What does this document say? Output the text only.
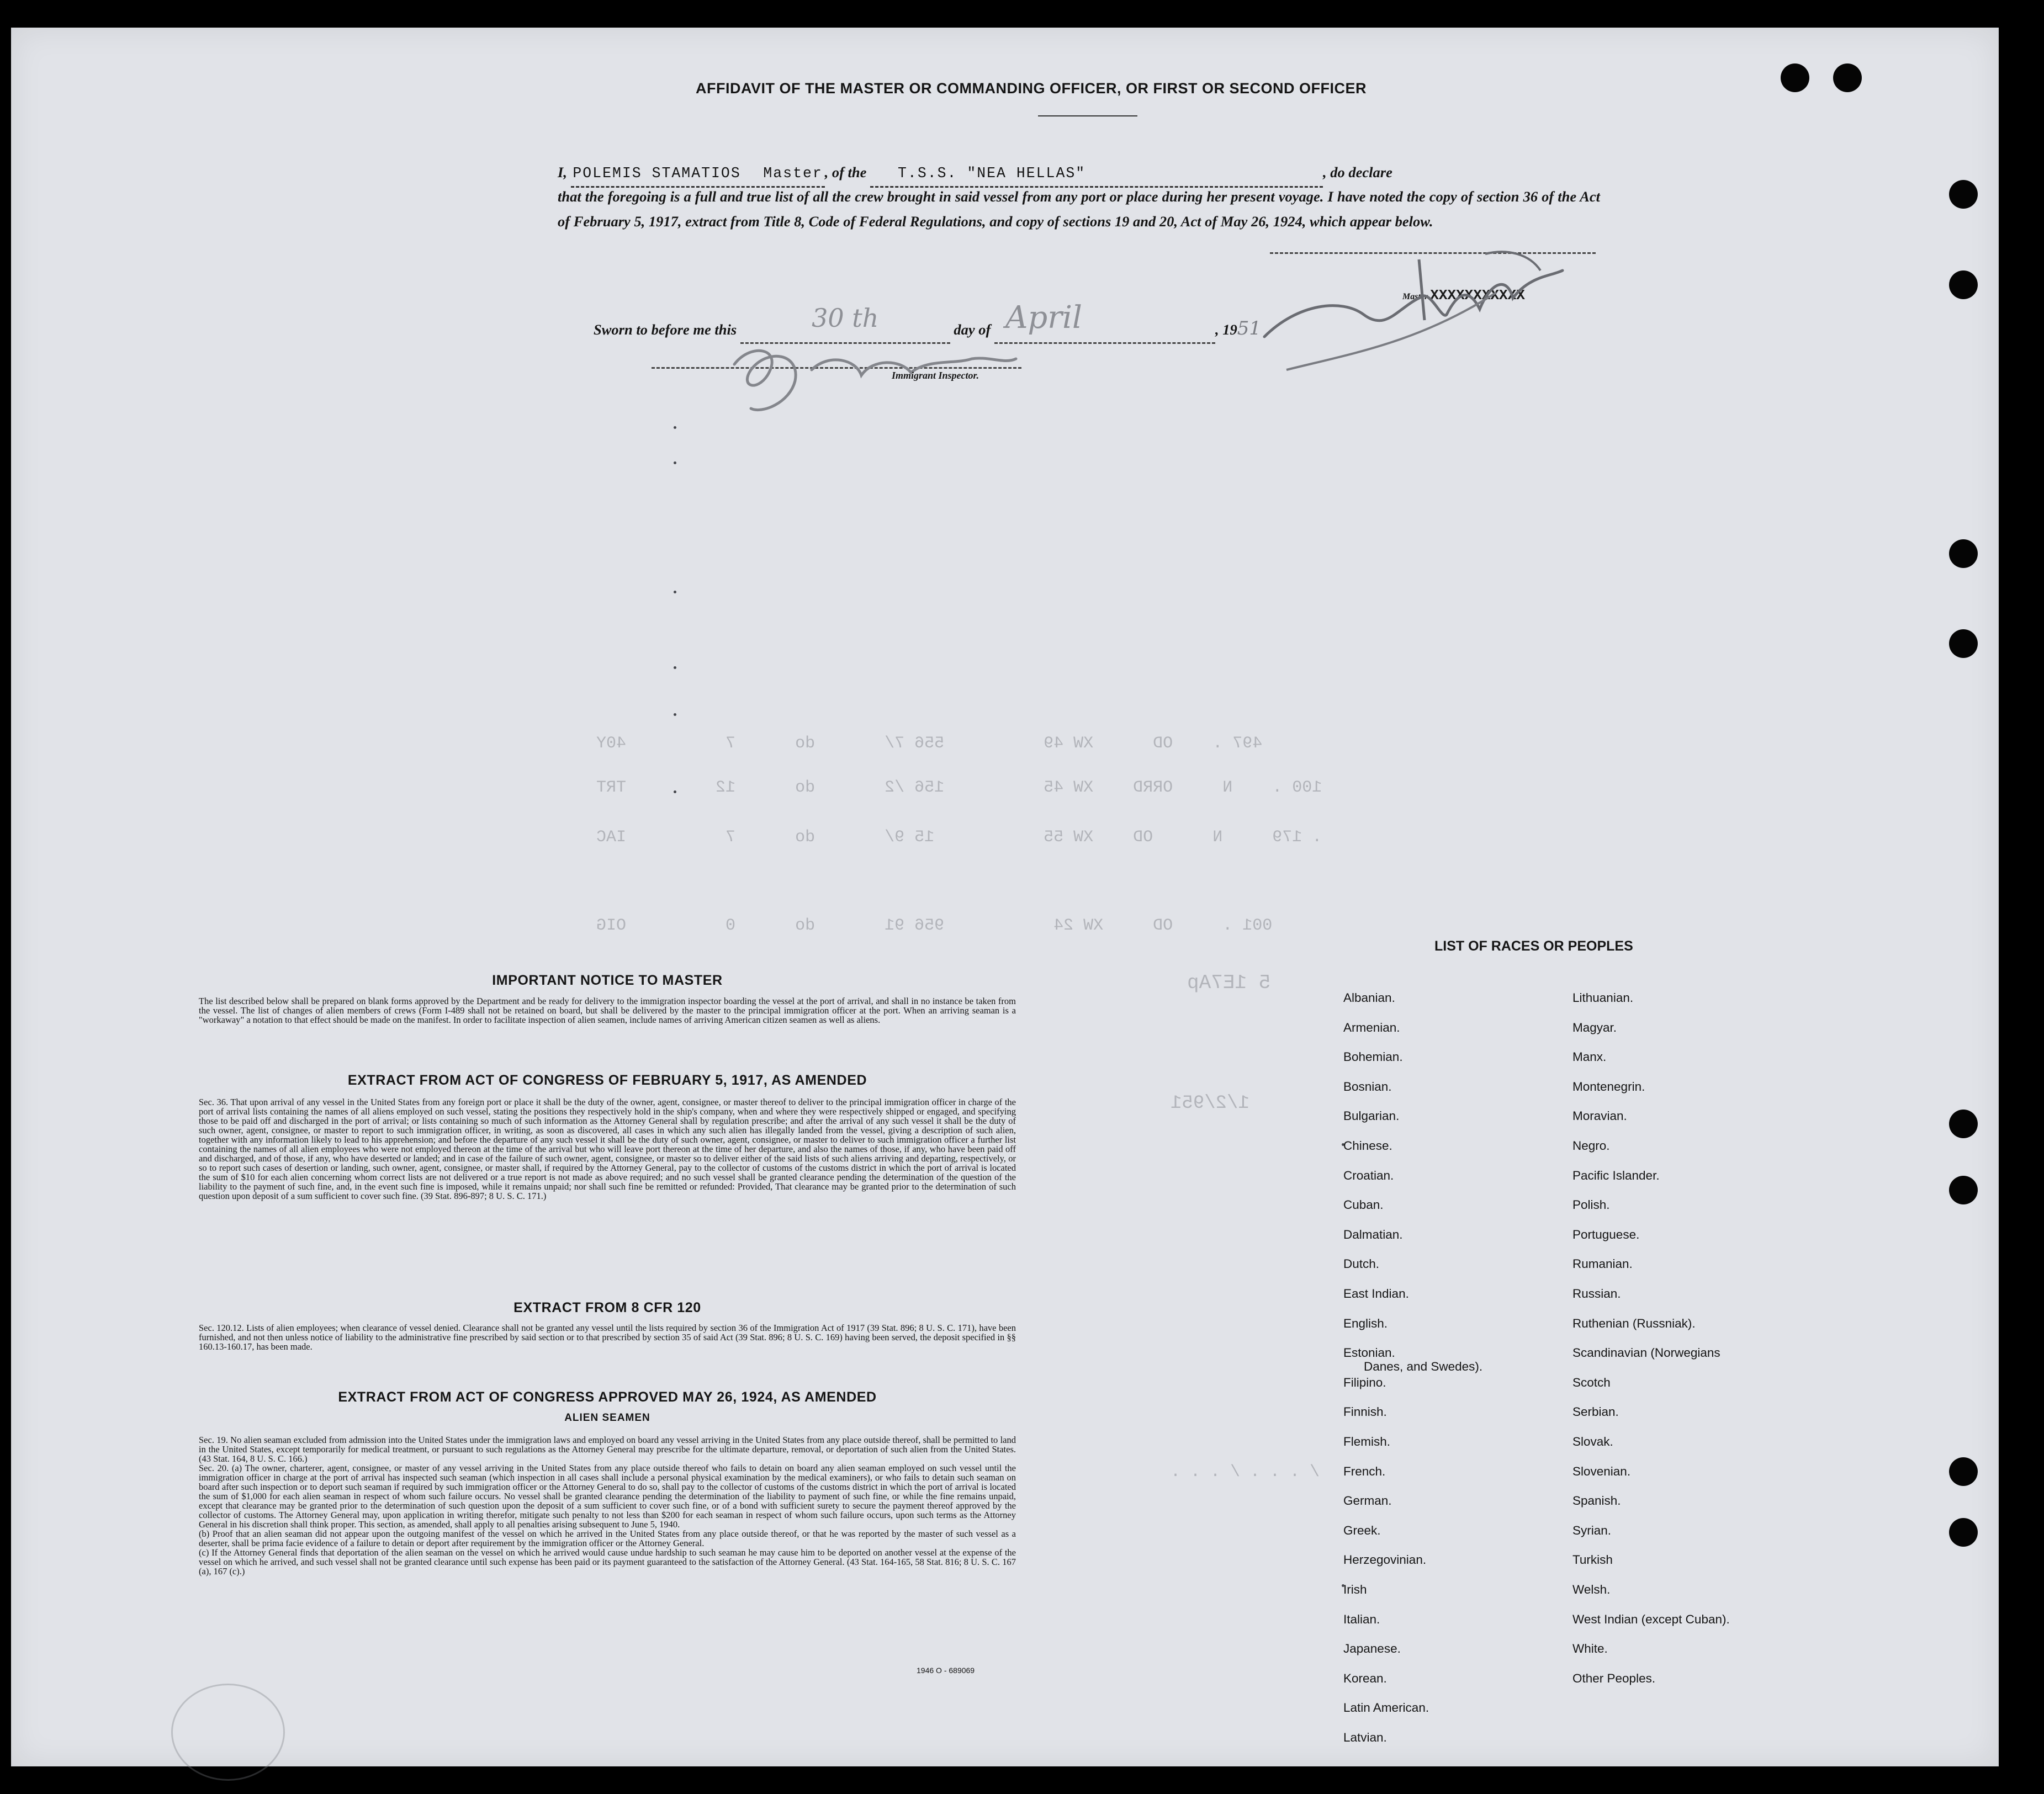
AFFIDAVIT OF THE MASTER OR COMMANDING OFFICER, OR FIRST OR SECOND OFFICER
I, POLEMIS STAMATIOS Master , of the T.S.S. "NEA HELLAS"	, do declare
that the foregoing is a full and true list of all the crew brought in said vessel from any port or place during her present voyage. I have noted the copy of section 36 of the Act of February 5, 1917, extract from Title 8, Code of Federal Regulations, and copy of sections 19 and 20, Act of May 26, 1924, which appear below.
Sworn to before me this	30 th	day of April	, 1951
Master XXXXXXXXXXX
Immigrant Inspector.
497 .    OD      XW 49          556 7/       do      7          40Y
100 .    N     ORRD    XW 45          156 /2       do      12         TRT
. 179     N      OD    XW 55           15 9/       do      7          IAC
001 .     OD     XW 24           956 91       do      0          OIG
5 1E7Ap
1/2/951
/ . . . / . . .
IMPORTANT NOTICE TO MASTER

The list described below shall be prepared on blank forms approved by the Department and be ready for delivery to the immigration inspector boarding the vessel at the port of arrival, and shall in no instance be taken from the vessel. The list of changes of alien members of crews (Form I-489 shall not be retained on board, but shall be delivered by the master to the principal immigration officer at the port. When an arriving seaman is a "workaway" a notation to that effect should be made on the manifest. In order to facilitate inspection of alien seamen, include names of arriving American citizen seamen as well as aliens.

EXTRACT FROM ACT OF CONGRESS OF FEBRUARY 5, 1917, AS AMENDED

Sec. 36. That upon arrival of any vessel in the United States from any foreign port or place it shall be the duty of the owner, agent, consignee, or master thereof to deliver to the principal immigration officer in charge of the port of arrival lists containing the names of all aliens employed on such vessel, stating the positions they respectively hold in the ship's company, when and where they were respectively shipped or engaged, and specifying those to be paid off and discharged in the port of arrival; or lists containing so much of such information as the Attorney General shall by regulation prescribe; and after the arrival of any such vessel it shall be the duty of such owner, agent, consignee, or master to report to such immigration officer, in writing, as soon as discovered, all cases in which any such alien has illegally landed from the vessel, giving a description of such alien, together with any information likely to lead to his apprehension; and before the departure of any such vessel it shall be the duty of such owner, agent, consignee, or master to deliver to such immigration officer a further list containing the names of all alien employees who were not employed thereon at the time of the arrival but who will leave port thereon at the time of her departure, and also the names of those, if any, who have been paid off and discharged, and of those, if any, who have deserted or landed; and in case of the failure of such owner, agent, consignee, or master so to deliver either of the said lists of such aliens arriving and departing, respectively, or so to report such cases of desertion or landing, such owner, agent, consignee, or master shall, if required by the Attorney General, pay to the collector of customs of the customs district in which the port of arrival is located the sum of $10 for each alien concerning whom correct lists are not delivered or a true report is not made as above required; and no such vessel shall be granted clearance pending the determination of the question of the liability to the payment of such fine, and, in the event such fine is imposed, while it remains unpaid; nor shall such fine be remitted or refunded: Provided, That clearance may be granted prior to the determination of such question upon deposit of a sum sufficient to cover such fine. (39 Stat. 896-897; 8 U. S. C. 171.)

EXTRACT FROM 8 CFR 120

Sec. 120.12. Lists of alien employees; when clearance of vessel denied. Clearance shall not be granted any vessel until the lists required by section 36 of the Immigration Act of 1917 (39 Stat. 896; 8 U. S. C. 171), have been furnished, and not then unless notice of liability to the administrative fine prescribed by said section or to that prescribed by section 35 of said Act (39 Stat. 896; 8 U. S. C. 169) having been served, the deposit specified in §§ 160.13-160.17, has been made.

EXTRACT FROM ACT OF CONGRESS APPROVED MAY 26, 1924, AS AMENDED
ALIEN SEAMEN

Sec. 19. No alien seaman excluded from admission into the United States under the immigration laws and employed on board any vessel arriving in the United States from any place outside thereof, shall be permitted to land in the United States, except temporarily for medical treatment, or pursuant to such regulations as the Attorney General may prescribe for the ultimate departure, removal, or deportation of such alien from the United States. (43 Stat. 164, 8 U. S. C. 166.)

Sec. 20. (a) The owner, charterer, agent, consignee, or master of any vessel arriving in the United States from any place outside thereof who fails to detain on board any alien seaman employed on such vessel until the immigration officer in charge at the port of arrival has inspected such seaman (which inspection in all cases shall include a personal physical examination by the medical examiners), or who fails to detain such seaman on board after such inspection or to deport such seaman if required by such immigration officer or the Attorney General to do so, shall pay to the collector of customs of the customs district in which the port of arrival is located the sum of $1,000 for each alien seaman in respect of whom such failure occurs. No vessel shall be granted clearance pending the determination of the liability to payment of such fine, or while the fine remains unpaid, except that clearance may be granted prior to the determination of such question upon the deposit of a sum sufficient to cover such fine, or of a bond with sufficient surety to secure the payment thereof approved by the collector of customs. The Attorney General may, upon application in writing therefor, mitigate such penalty to not less than $200 for each seaman in respect of whom such failure occurs, upon such terms as the Attorney General in his discretion shall think proper. This section, as amended, shall apply to all penalties arising subsequent to June 5, 1940.

(b) Proof that an alien seaman did not appear upon the outgoing manifest of the vessel on which he arrived in the United States from any place outside thereof, or that he was reported by the master of such vessel as a deserter, shall be prima facie evidence of a failure to detain or deport after requirement by the immigration officer or the Attorney General.

(c) If the Attorney General finds that deportation of the alien seaman on the vessel on which he arrived would cause undue hardship to such seaman he may cause him to be deported on another vessel at the expense of the vessel on which he arrived, and such vessel shall not be granted clearance until such expense has been paid or its payment guaranteed to the satisfaction of the Attorney General. (43 Stat. 164-165, 58 Stat. 816; 8 U. S. C. 167 (a), 167 (c).)

1946 O - 689069
LIST OF RACES OR PEOPLES
Albanian.
Armenian.
Bohemian.
Bosnian.
Bulgarian.
Chinese.
Croatian.
Cuban.
Dalmatian.
Dutch.
East Indian.
English.
Estonian.
Filipino.
Finnish.
Flemish.
French.
German.
Greek.
Herzegovinian.
Irish
Italian.
Japanese.
Korean.
Latin American.
Latvian.
Lithuanian.
Magyar.
Manx.
Montenegrin.
Moravian.
Negro.
Pacific Islander.
Polish.
Portuguese.
Rumanian.
Russian.
Ruthenian (Russniak).
Scandinavian (Norwegians
Danes, and Swedes).
Scotch
Serbian.
Slovak.
Slovenian.
Spanish.
Syrian.
Turkish
Welsh.
West Indian (except Cuban).
White.
Other Peoples.
